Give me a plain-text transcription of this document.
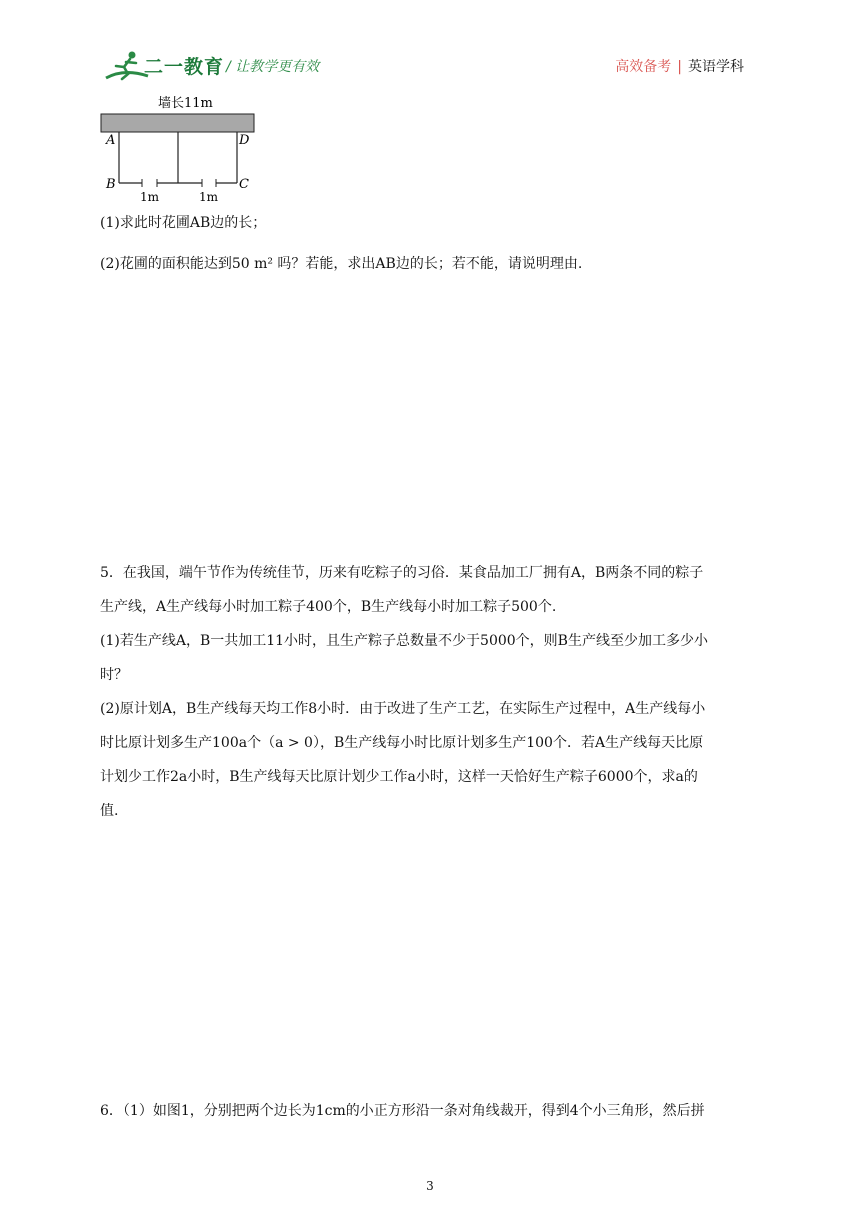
二一教育 / 让教学更有效	高效备考 | 英语学科
墙长11m
A	D
B	C
1m	1m
(1)求此时花圃AB边的长；
(2)花圃的面积能达到50 m² 吗？若能，求出AB边的长；若不能，请说明理由.
5．在我国，端午节作为传统佳节，历来有吃粽子的习俗．某食品加工厂拥有A，B两条不同的粽子
生产线，A生产线每小时加工粽子400个，B生产线每小时加工粽子500个.
(1)若生产线A，B一共加工11小时，且生产粽子总数量不少于5000个，则B生产线至少加工多少小
时？
(2)原计划A，B生产线每天均工作8小时．由于改进了生产工艺，在实际生产过程中，A生产线每小
时比原计划多生产100a个（a > 0），B生产线每小时比原计划多生产100个．若A生产线每天比原
计划少工作2a小时，B生产线每天比原计划少工作a小时，这样一天恰好生产粽子6000个，求a的
值.
6．（1）如图1，分别把两个边长为1cm的小正方形沿一条对角线裁开，得到4个小三角形，然后拼
3
